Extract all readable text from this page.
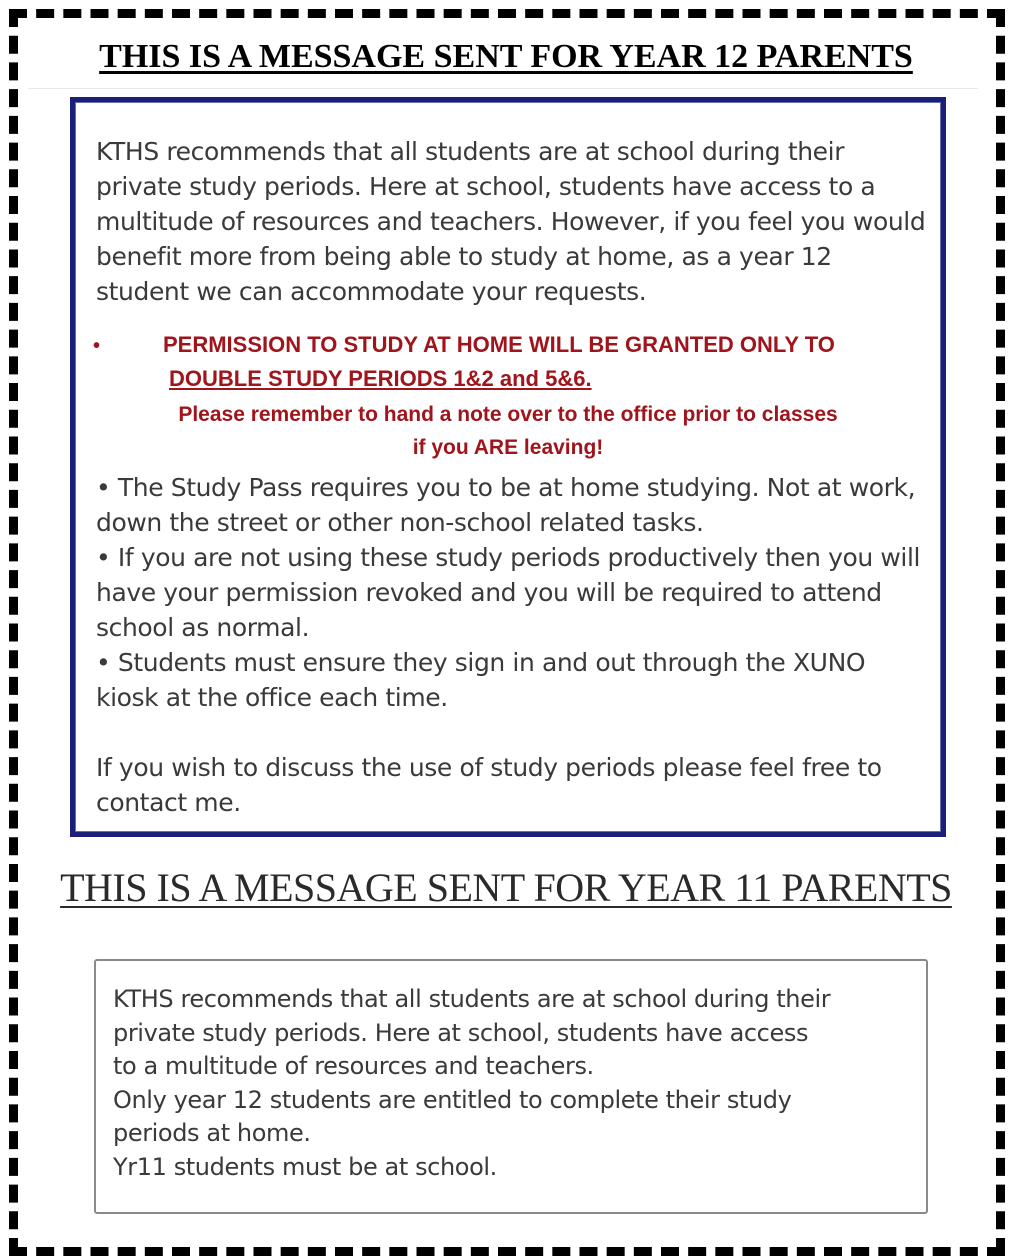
THIS IS A MESSAGE SENT FOR YEAR 12 PARENTS

KTHS recommends that all students are at school during their private study periods. Here at school, students have access to a multitude of resources and teachers. However, if you feel you would benefit more from being able to study at home, as a year 12 student we can accommodate your requests.

•	PERMISSION TO STUDY AT HOME WILL BE GRANTED ONLY TO
DOUBLE STUDY PERIODS 1&2 and 5&6.
Please remember to hand a note over to the office prior to classes
if you ARE leaving!
• The Study Pass requires you to be at home studying. Not at work, down the street or other non-school related tasks.
• If you are not using these study periods productively then you will have your permission revoked and you will be required to attend school as normal.
• Students must ensure they sign in and out through the XUNO kiosk at the office each time.

If you wish to discuss the use of study periods please feel free to contact me.

THIS IS A MESSAGE SENT FOR YEAR 11 PARENTS
KTHS recommends that all students are at school during their
private study periods. Here at school, students have access
to a multitude of resources and teachers.
Only year 12 students are entitled to complete their study
periods at home.
Yr11 students must be at school.
